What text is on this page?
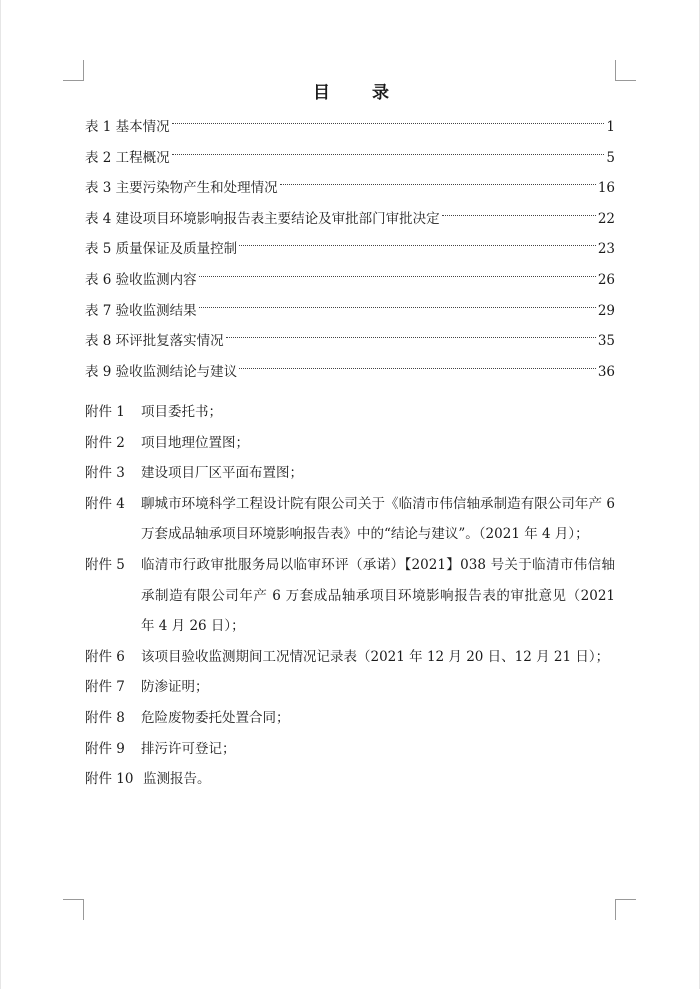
目 录
表 1 基本情况	1
表 2 工程概况	5
表 3 主要污染物产生和处理情况	16
表 4 建设项目环境影响报告表主要结论及审批部门审批决定	22
表 5 质量保证及质量控制	23
表 6 验收监测内容	26
表 7 验收监测结果	29
表 8 环评批复落实情况	35
表 9 验收监测结论与建议	36
附件 1	项目委托书；
附件 2	项目地理位置图；
附件 3	建设项目厂区平面布置图；
附件 4	聊城市环境科学工程设计院有限公司关于《临清市伟信轴承制造有限公司年产 6 万套成品轴承项目环境影响报告表》中的“结论与建议”。（2021 年 4 月）；
附件 5	临清市行政审批服务局以临审环评（承诺）【2021】038 号关于临清市伟信轴承制造有限公司年产 6 万套成品轴承项目环境影响报告表的审批意见（2021 年 4 月 26 日）；
附件 6	该项目验收监测期间工况情况记录表（2021 年 12 月 20 日、12 月 21 日）；
附件 7	防渗证明；
附件 8	危险废物委托处置合同；
附件 9	排污许可登记；
附件 10 监测报告。
